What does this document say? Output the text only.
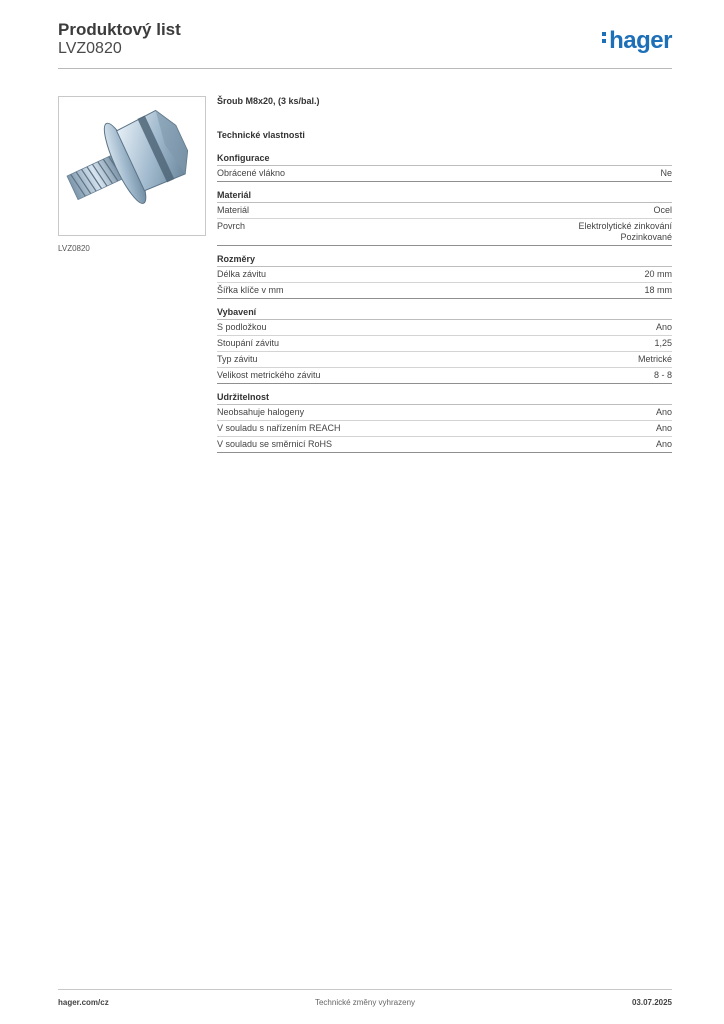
Produktový list
LVZ0820	hager
LVZ0820
Šroub M8x20, (3 ks/bal.)
Technické vlastnosti
Konfigurace
Obrácené vlákno	Ne
Materiál
Materiál	Ocel
Povrch	Elektrolytické zinkování
Pozinkované
Rozměry
Délka závitu	20 mm
Šířka klíče v mm	18 mm
Vybavení
S podložkou	Ano
Stoupání závitu	1,25
Typ závitu	Metrické
Velikost metrického závitu	8 - 8
Udržitelnost
Neobsahuje halogeny	Ano
V souladu s nařízením REACH	Ano
V souladu se směrnicí RoHS	Ano
hager.com/cz	Technické změny vyhrazeny	03.07.2025
